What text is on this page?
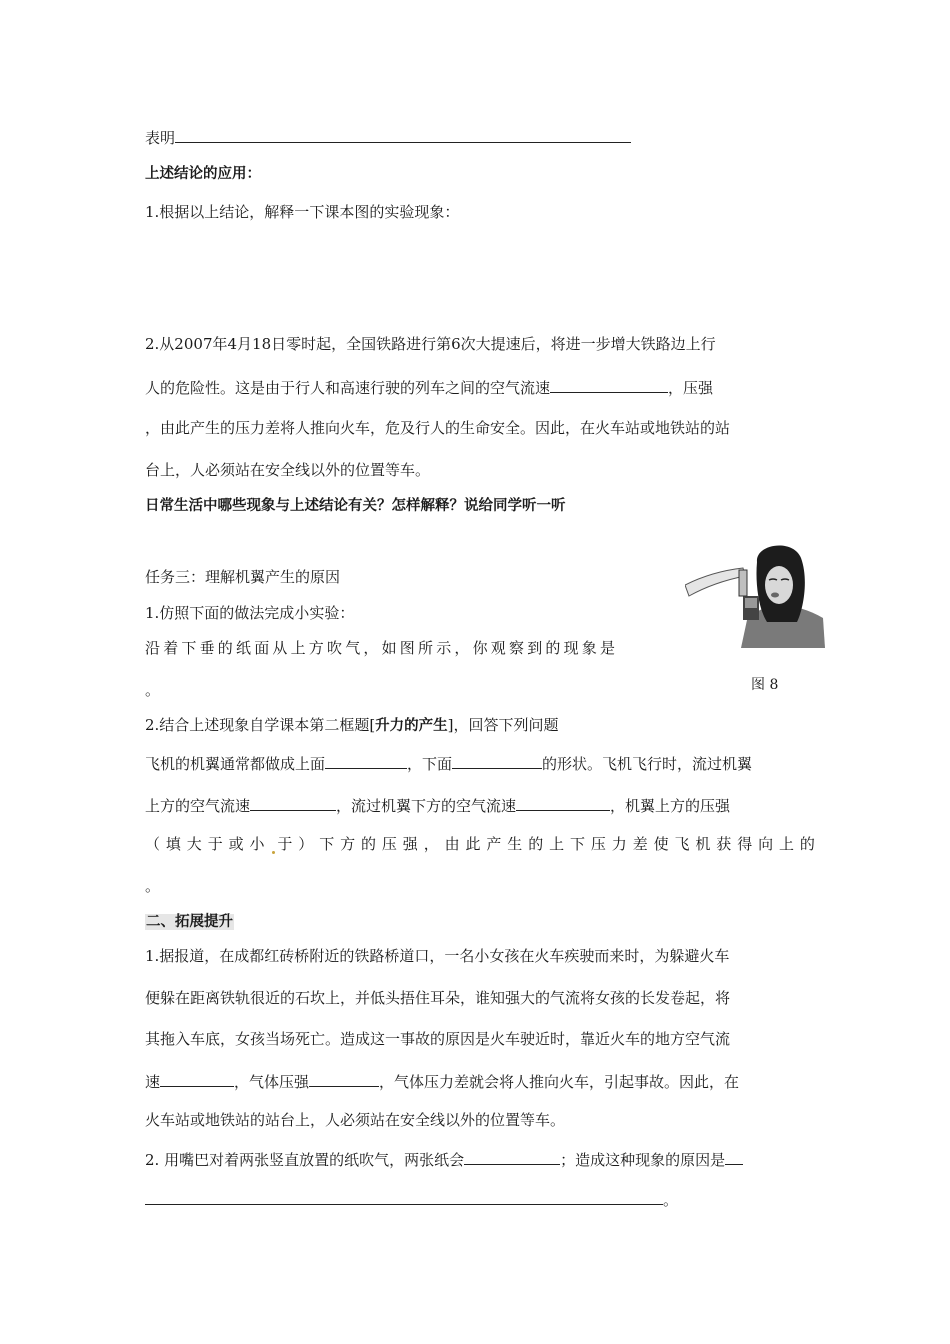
表明
上述结论的应用：
1.根据以上结论，解释一下课本图的实验现象：
2.从2007年4月18日零时起，全国铁路进行第6次大提速后，将进一步增大铁路边上行
人的危险性。这是由于行人和高速行驶的列车之间的空气流速	，压强
，由此产生的压力差将人推向火车，危及行人的生命安全。因此，在火车站或地铁站的站
台上，人必须站在安全线以外的位置等车。
日常生活中哪些现象与上述结论有关？怎样解释？说给同学听一听
任务三：理解机翼产生的原因
1.仿照下面的做法完成小实验：
沿着下垂的纸面从上方吹气，如图所示，你观察到的现象是
。	图 8
2.结合上述现象自学课本第二框题[升力的产生]，回答下列问题
飞机的机翼通常都做成上面	，下面	的形状。飞机飞行时，流过机翼
上方的空气流速	，流过机翼下方的空气流速	，机翼上方的压强
（填大于或小 于）下方的压强，由此产生的上下压力差使飞机获得向上的
。
二、拓展提升
1.据报道，在成都红砖桥附近的铁路桥道口，一名小女孩在火车疾驶而来时，为躲避火车
便躲在距离铁轨很近的石坎上，并低头捂住耳朵，谁知强大的气流将女孩的长发卷起，将
其拖入车底，女孩当场死亡。造成这一事故的原因是火车驶近时，靠近火车的地方空气流
速	，气体压强	，气体压力差就会将人推向火车，引起事故。因此，在
火车站或地铁站的站台上，人必须站在安全线以外的位置等车。
2. 用嘴巴对着两张竖直放置的纸吹气，两张纸会	；造成这种现象的原因是
。
